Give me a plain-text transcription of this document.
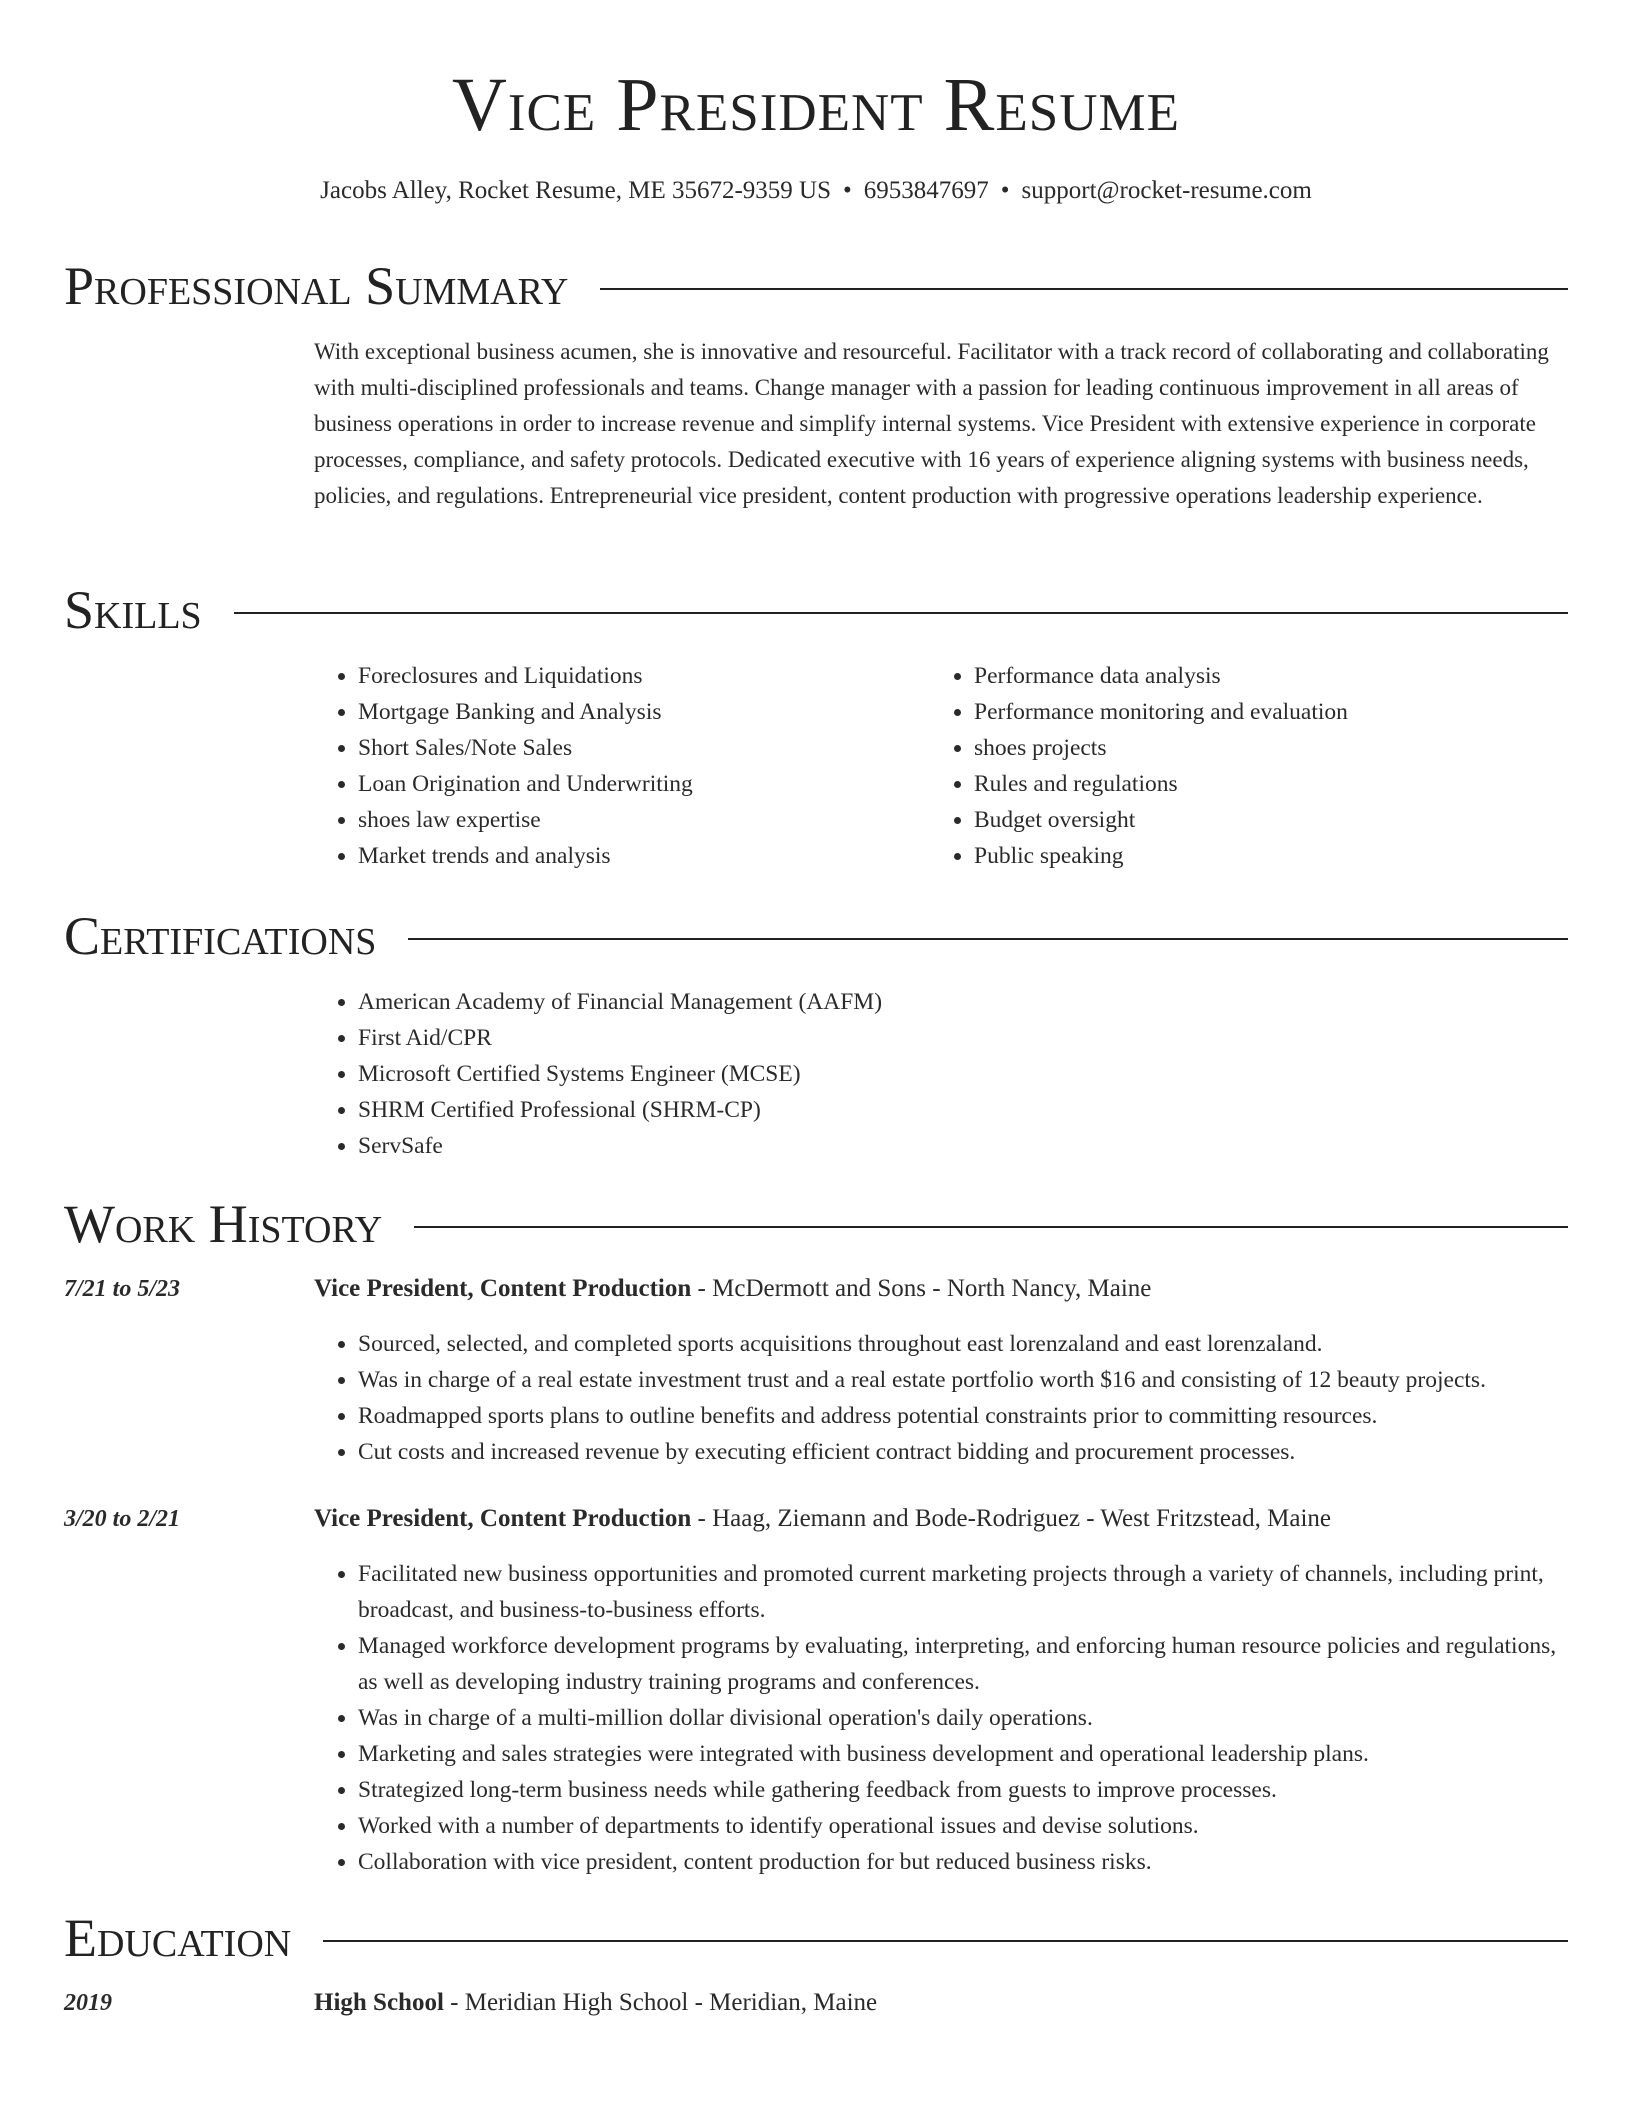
Vice President Resume
Jacobs Alley, Rocket Resume, ME 35672-9359 US • 6953847697 • support@rocket-resume.com
Professional Summary

With exceptional business acumen, she is innovative and resourceful. Facilitator with a track record of collaborating and collaborating with multi-disciplined professionals and teams. Change manager with a passion for leading continuous improvement in all areas of business operations in order to increase revenue and simplify internal systems. Vice President with extensive experience in corporate processes, compliance, and safety protocols. Dedicated executive with 16 years of experience aligning systems with business needs, policies, and regulations. Entrepreneurial vice president, content production with progressive operations leadership experience.

Skills
• Foreclosures and Liquidations
• Mortgage Banking and Analysis
• Short Sales/Note Sales
• Loan Origination and Underwriting
• shoes law expertise
• Market trends and analysis
• Performance data analysis
• Performance monitoring and evaluation
• shoes projects
• Rules and regulations
• Budget oversight
• Public speaking
Certifications
• American Academy of Financial Management (AAFM)
• First Aid/CPR
• Microsoft Certified Systems Engineer (MCSE)
• SHRM Certified Professional (SHRM-CP)
• ServSafe
Work History
7/21 to 5/23	Vice President, Content Production - McDermott and Sons - North Nancy, Maine
• Sourced, selected, and completed sports acquisitions throughout east lorenzaland and east lorenzaland.
• Was in charge of a real estate investment trust and a real estate portfolio worth $16 and consisting of 12 beauty projects.
• Roadmapped sports plans to outline benefits and address potential constraints prior to committing resources.
• Cut costs and increased revenue by executing efficient contract bidding and procurement processes.
3/20 to 2/21	Vice President, Content Production - Haag, Ziemann and Bode-Rodriguez - West Fritzstead, Maine
• Facilitated new business opportunities and promoted current marketing projects through a variety of channels, including print, broadcast, and business-to-business efforts.
• Managed workforce development programs by evaluating, interpreting, and enforcing human resource policies and regulations, as well as developing industry training programs and conferences.
• Was in charge of a multi-million dollar divisional operation's daily operations.
• Marketing and sales strategies were integrated with business development and operational leadership plans.
• Strategized long-term business needs while gathering feedback from guests to improve processes.
• Worked with a number of departments to identify operational issues and devise solutions.
• Collaboration with vice president, content production for but reduced business risks.
Education
2019	High School - Meridian High School - Meridian, Maine
